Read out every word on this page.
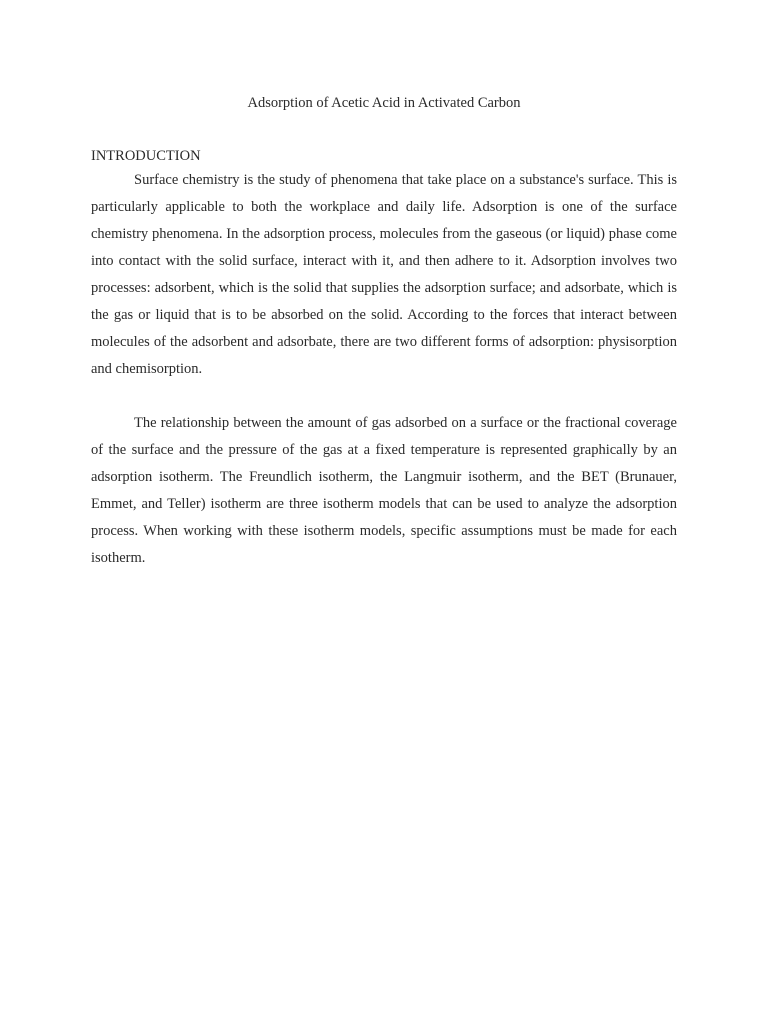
Adsorption of Acetic Acid in Activated Carbon
INTRODUCTION

Surface chemistry is the study of phenomena that take place on a substance's surface. This is particularly applicable to both the workplace and daily life. Adsorption is one of the surface chemistry phenomena. In the adsorption process, molecules from the gaseous (or liquid) phase come into contact with the solid surface, interact with it, and then adhere to it. Adsorption involves two processes: adsorbent, which is the solid that supplies the adsorption surface; and adsorbate, which is the gas or liquid that is to be absorbed on the solid. According to the forces that interact between molecules of the adsorbent and adsorbate, there are two different forms of adsorption: physisorption and chemisorption.

The relationship between the amount of gas adsorbed on a surface or the fractional coverage of the surface and the pressure of the gas at a fixed temperature is represented graphically by an adsorption isotherm. The Freundlich isotherm, the Langmuir isotherm, and the BET (Brunauer, Emmet, and Teller) isotherm are three isotherm models that can be used to analyze the adsorption process. When working with these isotherm models, specific assumptions must be made for each isotherm.
